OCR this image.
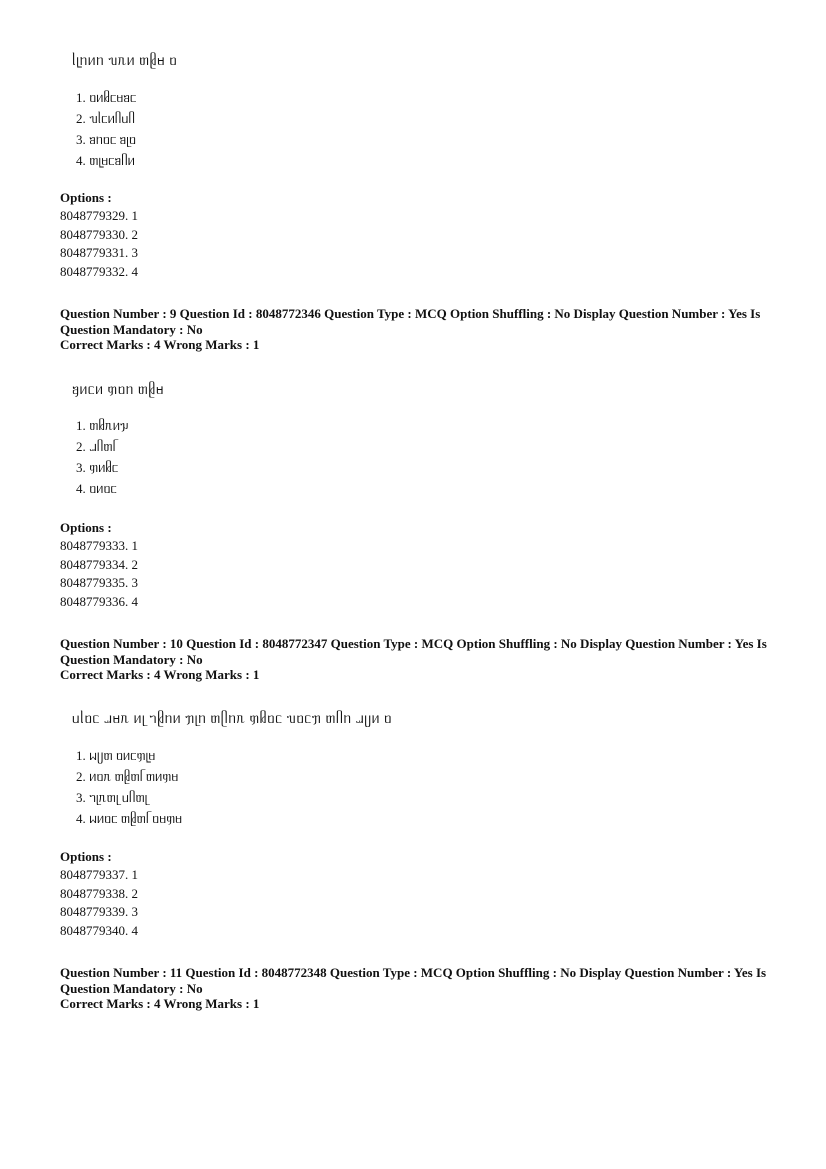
ᥣᥧᥒᥢᥒ ᥔᥰᥢ ᥖᥪᥛ ᥝ
1. ᥝᥢᥤᥴᥛᥑᥴ
2. ᥔᥣᥴᥢᥥᥙᥥ
3. ᥑᥒᥝᥴ ᥑᥨᥝ
4. ᥖᥧᥛᥴᥑᥥᥢ
Options :
8048779329. 1
8048779330. 2
8048779331. 3
8048779332. 4
Question Number : 9 Question Id : 8048772346 Question Type : MCQ Option Shuffling : No Display Question Number : Yes Is
Question Mandatory : No
Correct Marks : 4 Wrong Marks : 1
ᥠᥢᥴᥢ ᥞᥝᥒ ᥖᥪᥛ
1. ᥖᥤᥰᥢᥭ
2. ᥘᥥᥖᥬ
3. ᥞᥢᥤᥴ
4. ᥝᥢᥝᥴ
Options :
8048779333. 1
8048779334. 2
8048779335. 3
8048779336. 4
Question Number : 10 Question Id : 8048772347 Question Type : MCQ Option Shuffling : No Display Question Number : Yes Is
Question Mandatory : No
Correct Marks : 4 Wrong Marks : 1
ᥙᥣᥝᥴ ᥘᥛᥰ ᥢᥨ ᥐᥪᥒᥢ ᥟᥨᥒ ᥖᥫᥒᥰ ᥞᥤᥝᥴ ᥔᥝᥴᥟ ᥖᥥᥒ ᥘᥩᥢ ᥝ
1. ᥕᥩᥖ ᥝᥢᥴᥞᥧᥛ
2. ᥢᥝᥰ ᥖᥪᥖᥬ ᥖᥢᥞᥛ
3. ᥐᥨᥰᥖᥨ ᥙᥥᥖᥨ
4. ᥕᥢᥝᥴ ᥖᥪᥖᥬ ᥝᥛᥞᥛ
Options :
8048779337. 1
8048779338. 2
8048779339. 3
8048779340. 4
Question Number : 11 Question Id : 8048772348 Question Type : MCQ Option Shuffling : No Display Question Number : Yes Is
Question Mandatory : No
Correct Marks : 4 Wrong Marks : 1
